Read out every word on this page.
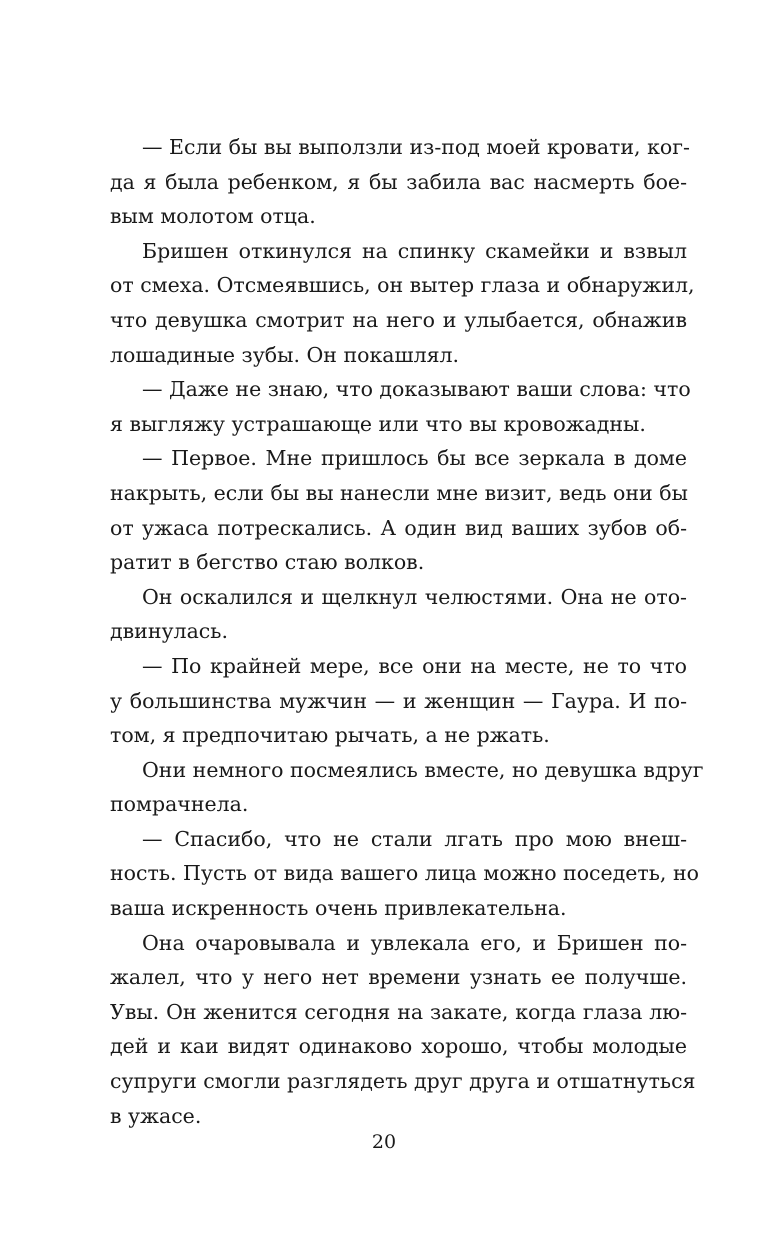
— Если бы вы выползли из-под моей кровати, ког-
да я была ребенком, я бы забила вас насмерть бое-
вым молотом отца.
Бришен откинулся на спинку скамейки и взвыл
от смеха. Отсмеявшись, он вытер глаза и обнаружил,
что девушка смотрит на него и улыбается, обнажив
лошадиные зубы. Он покашлял.
— Даже не знаю, что доказывают ваши слова: что
я выгляжу устрашающе или что вы кровожадны.
— Первое. Мне пришлось бы все зеркала в доме
накрыть, если бы вы нанесли мне визит, ведь они бы
от ужаса потрескались. А один вид ваших зубов об-
ратит в бегство стаю волков.
Он оскалился и щелкнул челюстями. Она не ото-
двинулась.
— По крайней мере, все они на месте, не то что
у большинства мужчин — и женщин — Гаура. И по-
том, я предпочитаю рычать, а не ржать.
Они немного посмеялись вместе, но девушка вдруг
помрачнела.
— Спасибо, что не стали лгать про мою внеш-
ность. Пусть от вида вашего лица можно поседеть, но
ваша искренность очень привлекательна.
Она очаровывала и увлекала его, и Бришен по-
жалел, что у него нет времени узнать ее получше.
Увы. Он женится сегодня на закате, когда глаза лю-
дей и каи видят одинаково хорошо, чтобы молодые
супруги смогли разглядеть друг друга и отшатнуться
в ужасе.
20
